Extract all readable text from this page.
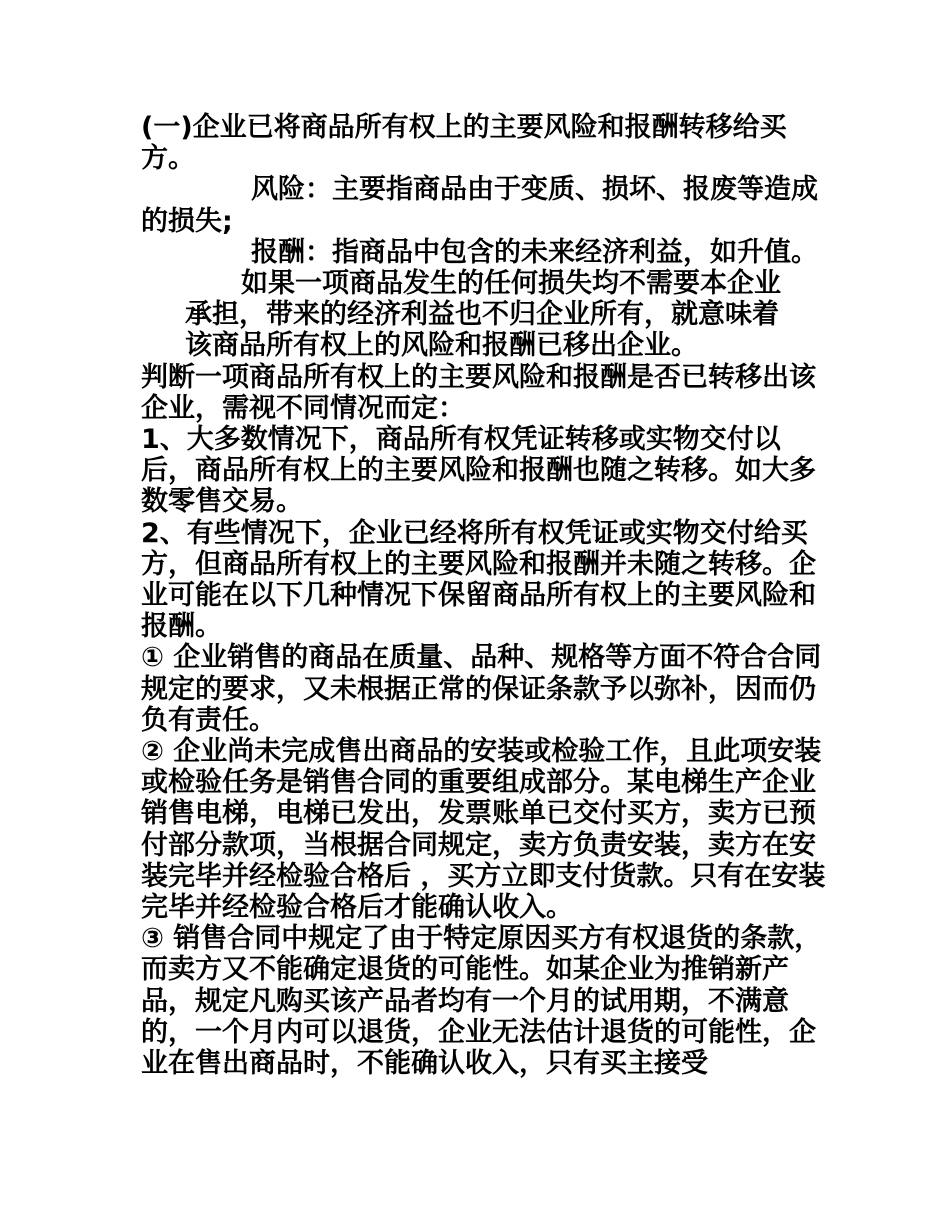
(一)企业已将商品所有权上的主要风险和报酬转移给买方。

风险：主要指商品由于变质、损坏、报废等造成的损失;

报酬：指商品中包含的未来经济利益，如升值。

如果一项商品发生的任何损失均不需要本企业

承担，带来的经济利益也不归企业所有，就意味着

该商品所有权上的风险和报酬已移出企业。

判断一项商品所有权上的主要风险和报酬是否已转移出该企业，需视不同情况而定：

1、大多数情况下，商品所有权凭证转移或实物交付以后，商品所有权上的主要风险和报酬也随之转移。如大多数零售交易。

2、有些情况下，企业已经将所有权凭证或实物交付给买方，但商品所有权上的主要风险和报酬并未随之转移。企业可能在以下几种情况下保留商品所有权上的主要风险和报酬。

① 企业销售的商品在质量、品种、规格等方面不符合合同规定的要求，又未根据正常的保证条款予以弥补，因而仍负有责任。

② 企业尚未完成售出商品的安装或检验工作，且此项安装或检验任务是销售合同的重要组成部分。某电梯生产企业销售电梯，电梯已发出，发票账单已交付买方，卖方已预付部分款项，当根据合同规定，卖方负责安装，卖方在安装完毕并经检验合格后 ，买方立即支付货款。只有在安装完毕并经检验合格后才能确认收入。

③ 销售合同中规定了由于特定原因买方有权退货的条款，而卖方又不能确定退货的可能性。如某企业为推销新产品，规定凡购买该产品者均有一个月的试用期，不满意的，一个月内可以退货，企业无法估计退货的可能性，企业在售出商品时，不能确认收入，只有买主接受
